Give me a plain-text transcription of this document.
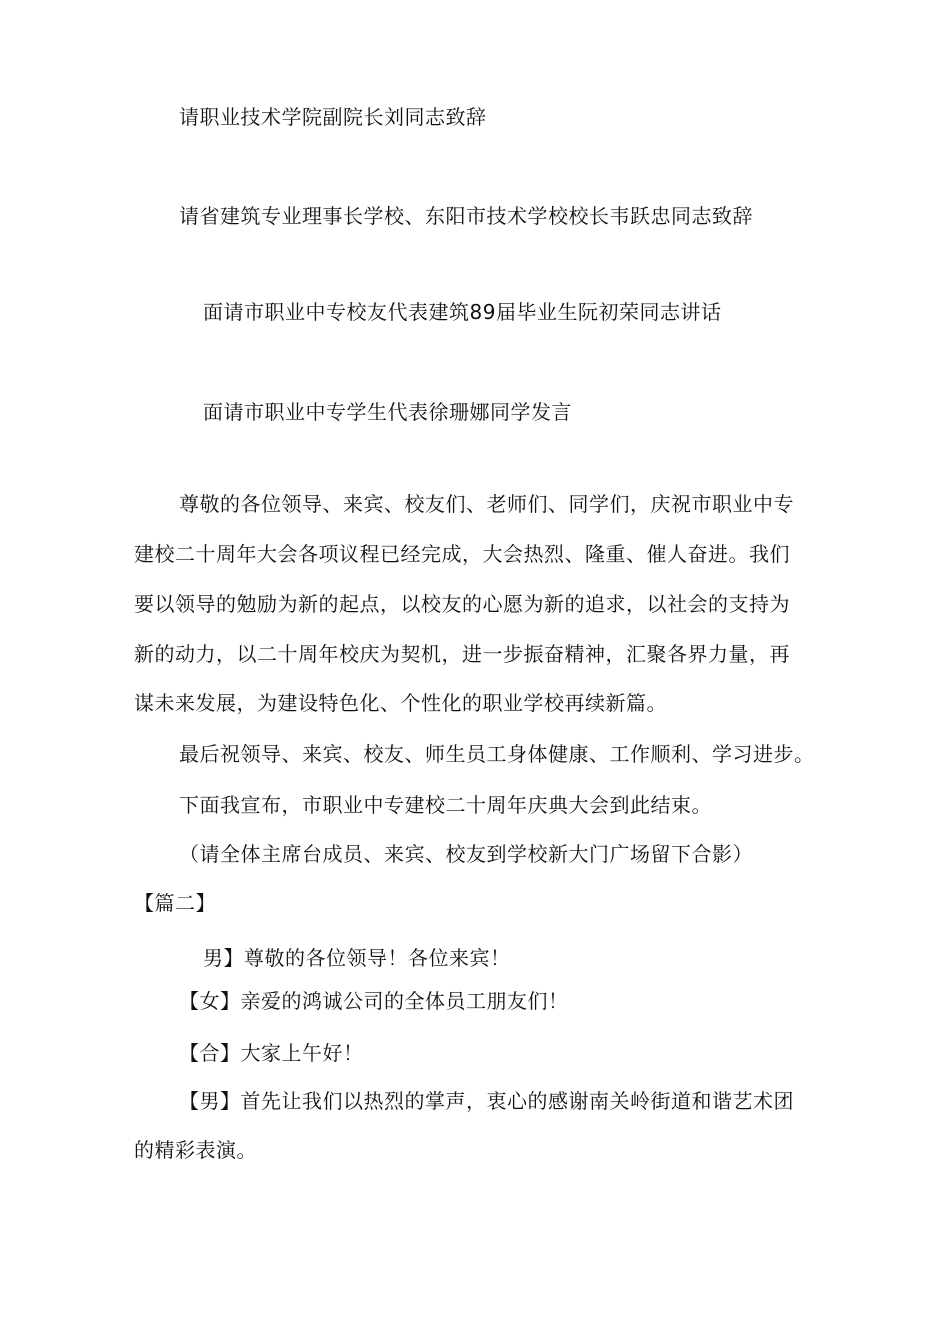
请职业技术学院副院长刘同志致辞
请省建筑专业理事长学校、东阳市技术学校校长韦跃忠同志致辞
面请市职业中专校友代表建筑89届毕业生阮初荣同志讲话
面请市职业中专学生代表徐珊娜同学发言
尊敬的各位领导、来宾、校友们、老师们、同学们，庆祝市职业中专
建校二十周年大会各项议程已经完成，大会热烈、隆重、催人奋进。我们
要以领导的勉励为新的起点，以校友的心愿为新的追求，以社会的支持为
新的动力，以二十周年校庆为契机，进一步振奋精神，汇聚各界力量，再
谋未来发展，为建设特色化、个性化的职业学校再续新篇。
最后祝领导、来宾、校友、师生员工身体健康、工作顺利、学习进步。
下面我宣布，市职业中专建校二十周年庆典大会到此结束。
（请全体主席台成员、来宾、校友到学校新大门广场留下合影）
【篇二】
男】尊敬的各位领导！各位来宾！
【女】亲爱的鸿诚公司的全体员工朋友们！
【合】大家上午好！
【男】首先让我们以热烈的掌声，衷心的感谢南关岭街道和谐艺术团
的精彩表演。
